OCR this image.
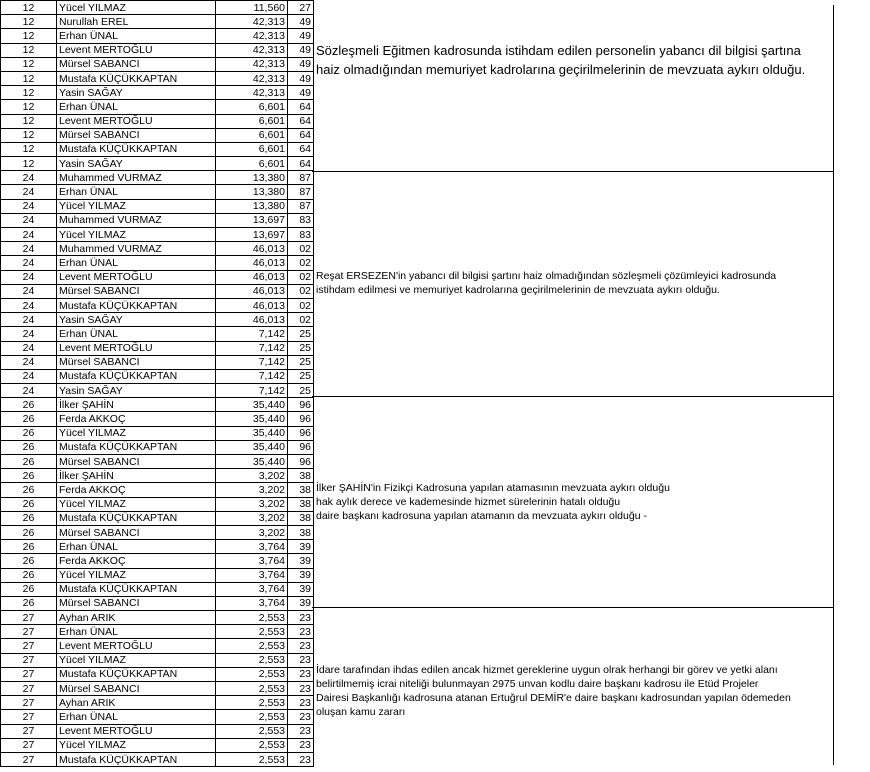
12	Yücel YILMAZ	11,560	27
12	Nurullah EREL	42,313	49
12	Erhan ÜNAL	42,313	49
12	Levent MERTOĞLU	42,313	49
12	Mürsel SABANCI	42,313	49
12	Mustafa KÜÇÜKKAPTAN	42,313	49
12	Yasin SAĞAY	42,313	49
12	Erhan ÜNAL	6,601	64
12	Levent MERTOĞLU	6,601	64
12	Mürsel SABANCI	6,601	64
12	Mustafa KÜÇÜKKAPTAN	6,601	64
12	Yasin SAĞAY	6,601	64
24	Muhammed VURMAZ	13,380	87
24	Erhan ÜNAL	13,380	87
24	Yücel YILMAZ	13,380	87
24	Muhammed VURMAZ	13,697	83
24	Yücel YILMAZ	13,697	83
24	Muhammed VURMAZ	46,013	02
24	Erhan ÜNAL	46,013	02
24	Levent MERTOĞLU	46,013	02
24	Mürsel SABANCI	46,013	02
24	Mustafa KÜÇÜKKAPTAN	46,013	02
24	Yasin SAĞAY	46,013	02
24	Erhan ÜNAL	7,142	25
24	Levent MERTOĞLU	7,142	25
24	Mürsel SABANCI	7,142	25
24	Mustafa KÜÇÜKKAPTAN	7,142	25
24	Yasin SAĞAY	7,142	25
26	İlker ŞAHİN	35,440	96
26	Ferda AKKOÇ	35,440	96
26	Yücel YILMAZ	35,440	96
26	Mustafa KÜÇÜKKAPTAN	35,440	96
26	Mürsel SABANCI	35,440	96
26	İlker ŞAHİN	3,202	38
26	Ferda AKKOÇ	3,202	38
26	Yücel YILMAZ	3,202	38
26	Mustafa KÜÇÜKKAPTAN	3,202	38
26	Mürsel SABANCI	3,202	38
26	Erhan ÜNAL	3,764	39
26	Ferda AKKOÇ	3,764	39
26	Yücel YILMAZ	3,764	39
26	Mustafa KÜÇÜKKAPTAN	3,764	39
26	Mürsel SABANCI	3,764	39
27	Ayhan ARIK	2,553	23
27	Erhan ÜNAL	2,553	23
27	Levent MERTOĞLU	2,553	23
27	Yücel YILMAZ	2,553	23
27	Mustafa KÜÇÜKKAPTAN	2,553	23
27	Mürsel SABANCI	2,553	23
27	Ayhan ARIK	2,553	23
27	Erhan ÜNAL	2,553	23
27	Levent MERTOĞLU	2,553	23
27	Yücel YILMAZ	2,553	23
27	Mustafa KÜÇÜKKAPTAN	2,553	23
Sözleşmeli Eğitmen kadrosunda istihdam edilen personelin yabancı dil bilgisi şartına
haiz olmadığından memuriyet kadrolarına geçirilmelerinin de mevzuata aykırı olduğu.
Reşat ERSEZEN'in yabancı dil bilgisi şartını haiz olmadığından sözleşmeli çözümleyici kadrosunda
istihdam edilmesi ve memuriyet kadrolarına geçirilmelerinin de mevzuata aykırı olduğu.
İlker ŞAHİN'in Fizikçi Kadrosuna yapılan atamasının mevzuata aykırı olduğu
hak aylık derece ve kademesinde hizmet sürelerinin hatalı olduğu
daire başkanı kadrosuna yapılan atamanın da mevzuata aykırı olduğu -
İdare tarafından ihdas edilen ancak hizmet gereklerine uygun olrak herhangi bir görev ve yetki alanı
belirtilmemiş icrai niteliği bulunmayan 2975 unvan kodlu daire başkanı kadrosu ile Etüd Projeler
Dairesi Başkanlığı kadrosuna atanan Ertuğrul DEMİR'e daire başkanı kadrosundan yapılan ödemeden
oluşan kamu zararı
